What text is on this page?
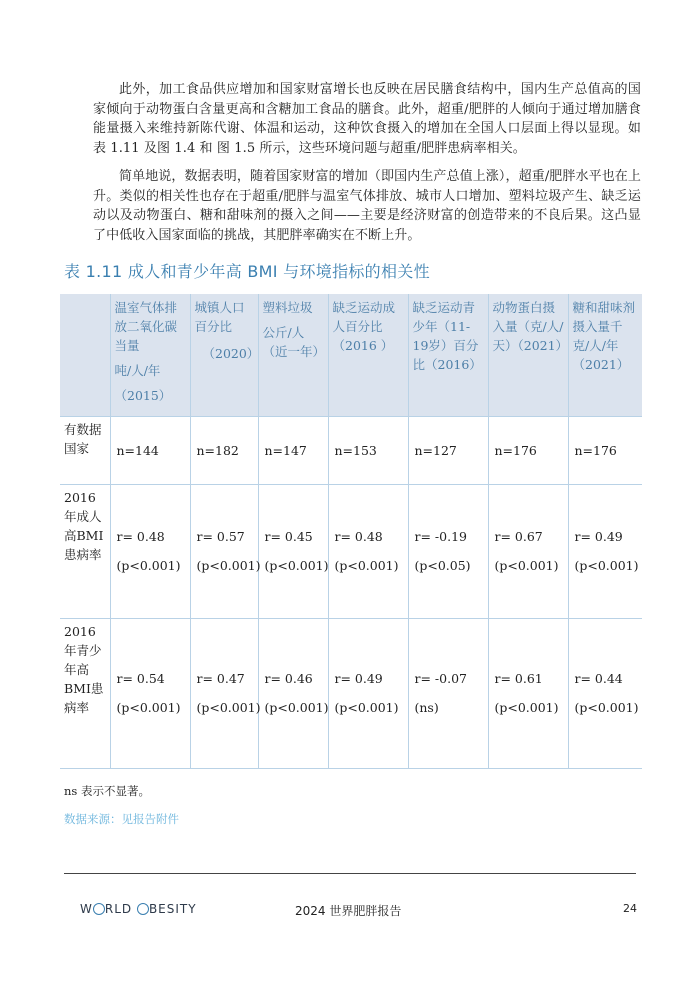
此外，加工食品供应增加和国家财富增长也反映在居民膳食结构中，国内生产总值高的国家倾向于动物蛋白含量更高和含糖加工食品的膳食。此外，超重/肥胖的人倾向于通过增加膳食能量摄入来维持新陈代谢、体温和运动，这种饮食摄入的增加在全国人口层面上得以显现。如表 1.11 及图 1.4 和 图 1.5 所示，这些环境问题与超重/肥胖患病率相关。

简单地说，数据表明，随着国家财富的增加（即国内生产总值上涨），超重/肥胖水平也在上升。类似的相关性也存在于超重/肥胖与温室气体排放、城市人口增加、塑料垃圾产生、缺乏运动以及动物蛋白、糖和甜味剂的摄入之间——主要是经济财富的创造带来的不良后果。这凸显了中低收入国家面临的挑战，其肥胖率确实在不断上升。

表 1.11 成人和青少年高 BMI 与环境指标的相关性
	温室气体排放二氧化碳当量
吨/人/年
（2015）	城镇人口百分比
（2020）	塑料垃圾
公斤/人（近一年）	缺乏运动成人百分比（2016 ）	缺乏运动青少年（11-19岁）百分比（2016）	动物蛋白摄入量（克/人/天）（2021）	糖和甜味剂摄入量千克/人/年（2021）
有数据国家	n=144	n=182	n=147	n=153	n=127	n=176	n=176
2016年成人高BMI患病率	r= 0.48
(p<0.001)	r= 0.57
(p<0.001)	r= 0.45
(p<0.001)	r= 0.48
(p<0.001)	r= -0.19
(p<0.05)	r= 0.67
(p<0.001)	r= 0.49
(p<0.001)

2016年青少年高BMI患病率	r= 0.54
(p<0.001)	r= 0.47
(p<0.001)	r= 0.46
(p<0.001)	r= 0.49
(p<0.001)	r= -0.07
(ns)	r= 0.61
(p<0.001)	r= 0.44
(p<0.001)
ns 表示不显著。
数据来源：见报告附件
W RLD BESITY	2024 世界肥胖报告	24
